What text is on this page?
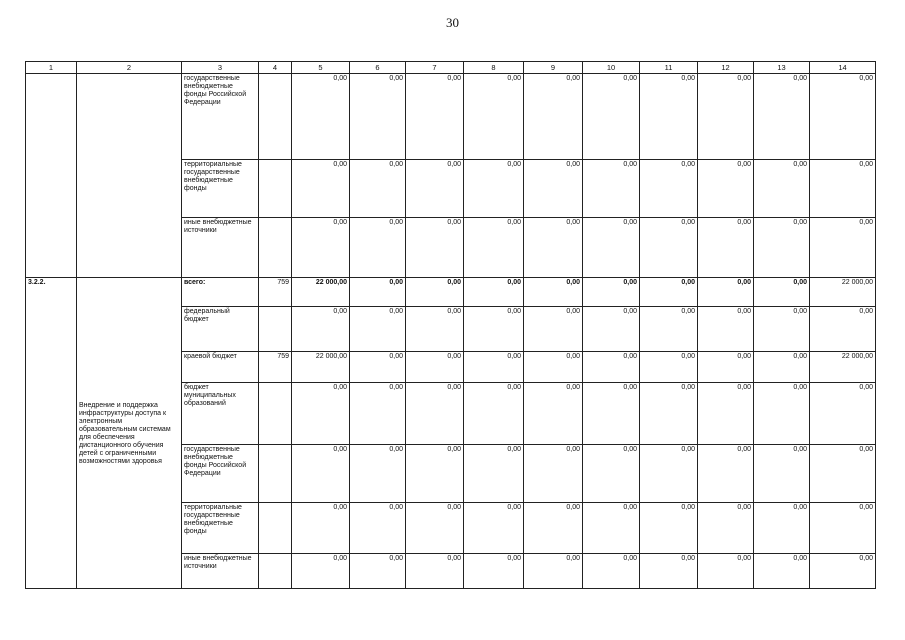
30
1	2	3	4	5	6	7	8	9	10	11	12	13	14
		государственные внебюджетные фонды Российской Федерации		0,00	0,00	0,00	0,00	0,00	0,00	0,00	0,00	0,00	0,00
		территориальные государственные внебюджетные фонды		0,00	0,00	0,00	0,00	0,00	0,00	0,00	0,00	0,00	0,00
		иные внебюджетные источники		0,00	0,00	0,00	0,00	0,00	0,00	0,00	0,00	0,00	0,00
3.2.2.	Внедрение и поддержка инфраструктуры доступа к электронным образовательным системам для обеспечения дистанционного обучения детей с ограниченными возможностями здоровья	всего:	759	22 000,00	0,00	0,00	0,00	0,00	0,00	0,00	0,00	0,00	22 000,00
		федеральный бюджет		0,00	0,00	0,00	0,00	0,00	0,00	0,00	0,00	0,00	0,00
		краевой бюджет	759	22 000,00	0,00	0,00	0,00	0,00	0,00	0,00	0,00	0,00	22 000,00
		бюджет муниципальных образований		0,00	0,00	0,00	0,00	0,00	0,00	0,00	0,00	0,00	0,00
		государственные внебюджетные фонды Российской Федерации		0,00	0,00	0,00	0,00	0,00	0,00	0,00	0,00	0,00	0,00
		территориальные государственные внебюджетные фонды		0,00	0,00	0,00	0,00	0,00	0,00	0,00	0,00	0,00	0,00
		иные внебюджетные источники		0,00	0,00	0,00	0,00	0,00	0,00	0,00	0,00	0,00	0,00
